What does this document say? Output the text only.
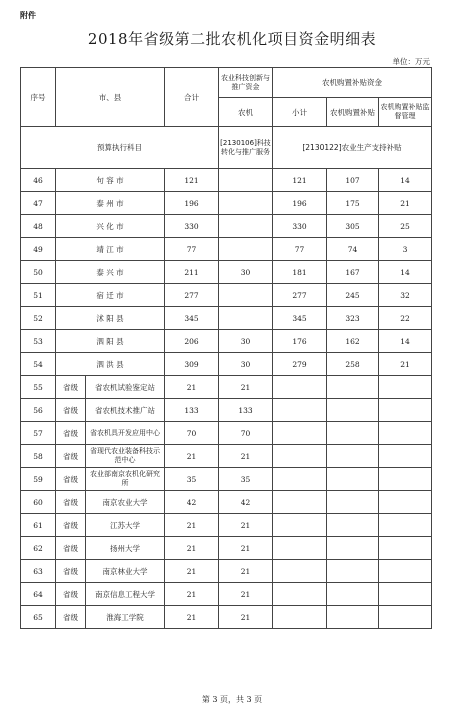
附件
2018年省级第二批农机化项目资金明细表
单位：万元
序号	市、县		合计	农业科技创新与推广资金	农机购置补贴资金		
				农机	小计	农机购置补贴	农机购置补贴监督管理
预算执行科目				[2130106]科技转化与推广服务	[2130122]农业生产支持补贴		
46	句 容 市		121		121	107	14
47	泰 州 市		196		196	175	21
48	兴 化 市		330		330	305	25
49	靖 江 市		77		77	74	3
50	泰 兴 市		211	30	181	167	14
51	宿 迁 市		277		277	245	32
52	沭 阳 县		345		345	323	22
53	泗 阳 县		206	30	176	162	14
54	泗 洪 县		309	30	279	258	21
55	省级	省农机试验鉴定站	21	21			
56	省级	省农机技术推广站	133	133			
57	省级	省农机具开发应用中心	70	70			
58	省级	省现代农业装备科技示范中心	21	21			
59	省级	农业部南京农机化研究所	35	35			
60	省级	南京农业大学	42	42			
61	省级	江苏大学	21	21			
62	省级	扬州大学	21	21			
63	省级	南京林业大学	21	21			
64	省级	南京信息工程大学	21	21			
65	省级	淮海工学院	21	21			
第 3 页，共 3 页
